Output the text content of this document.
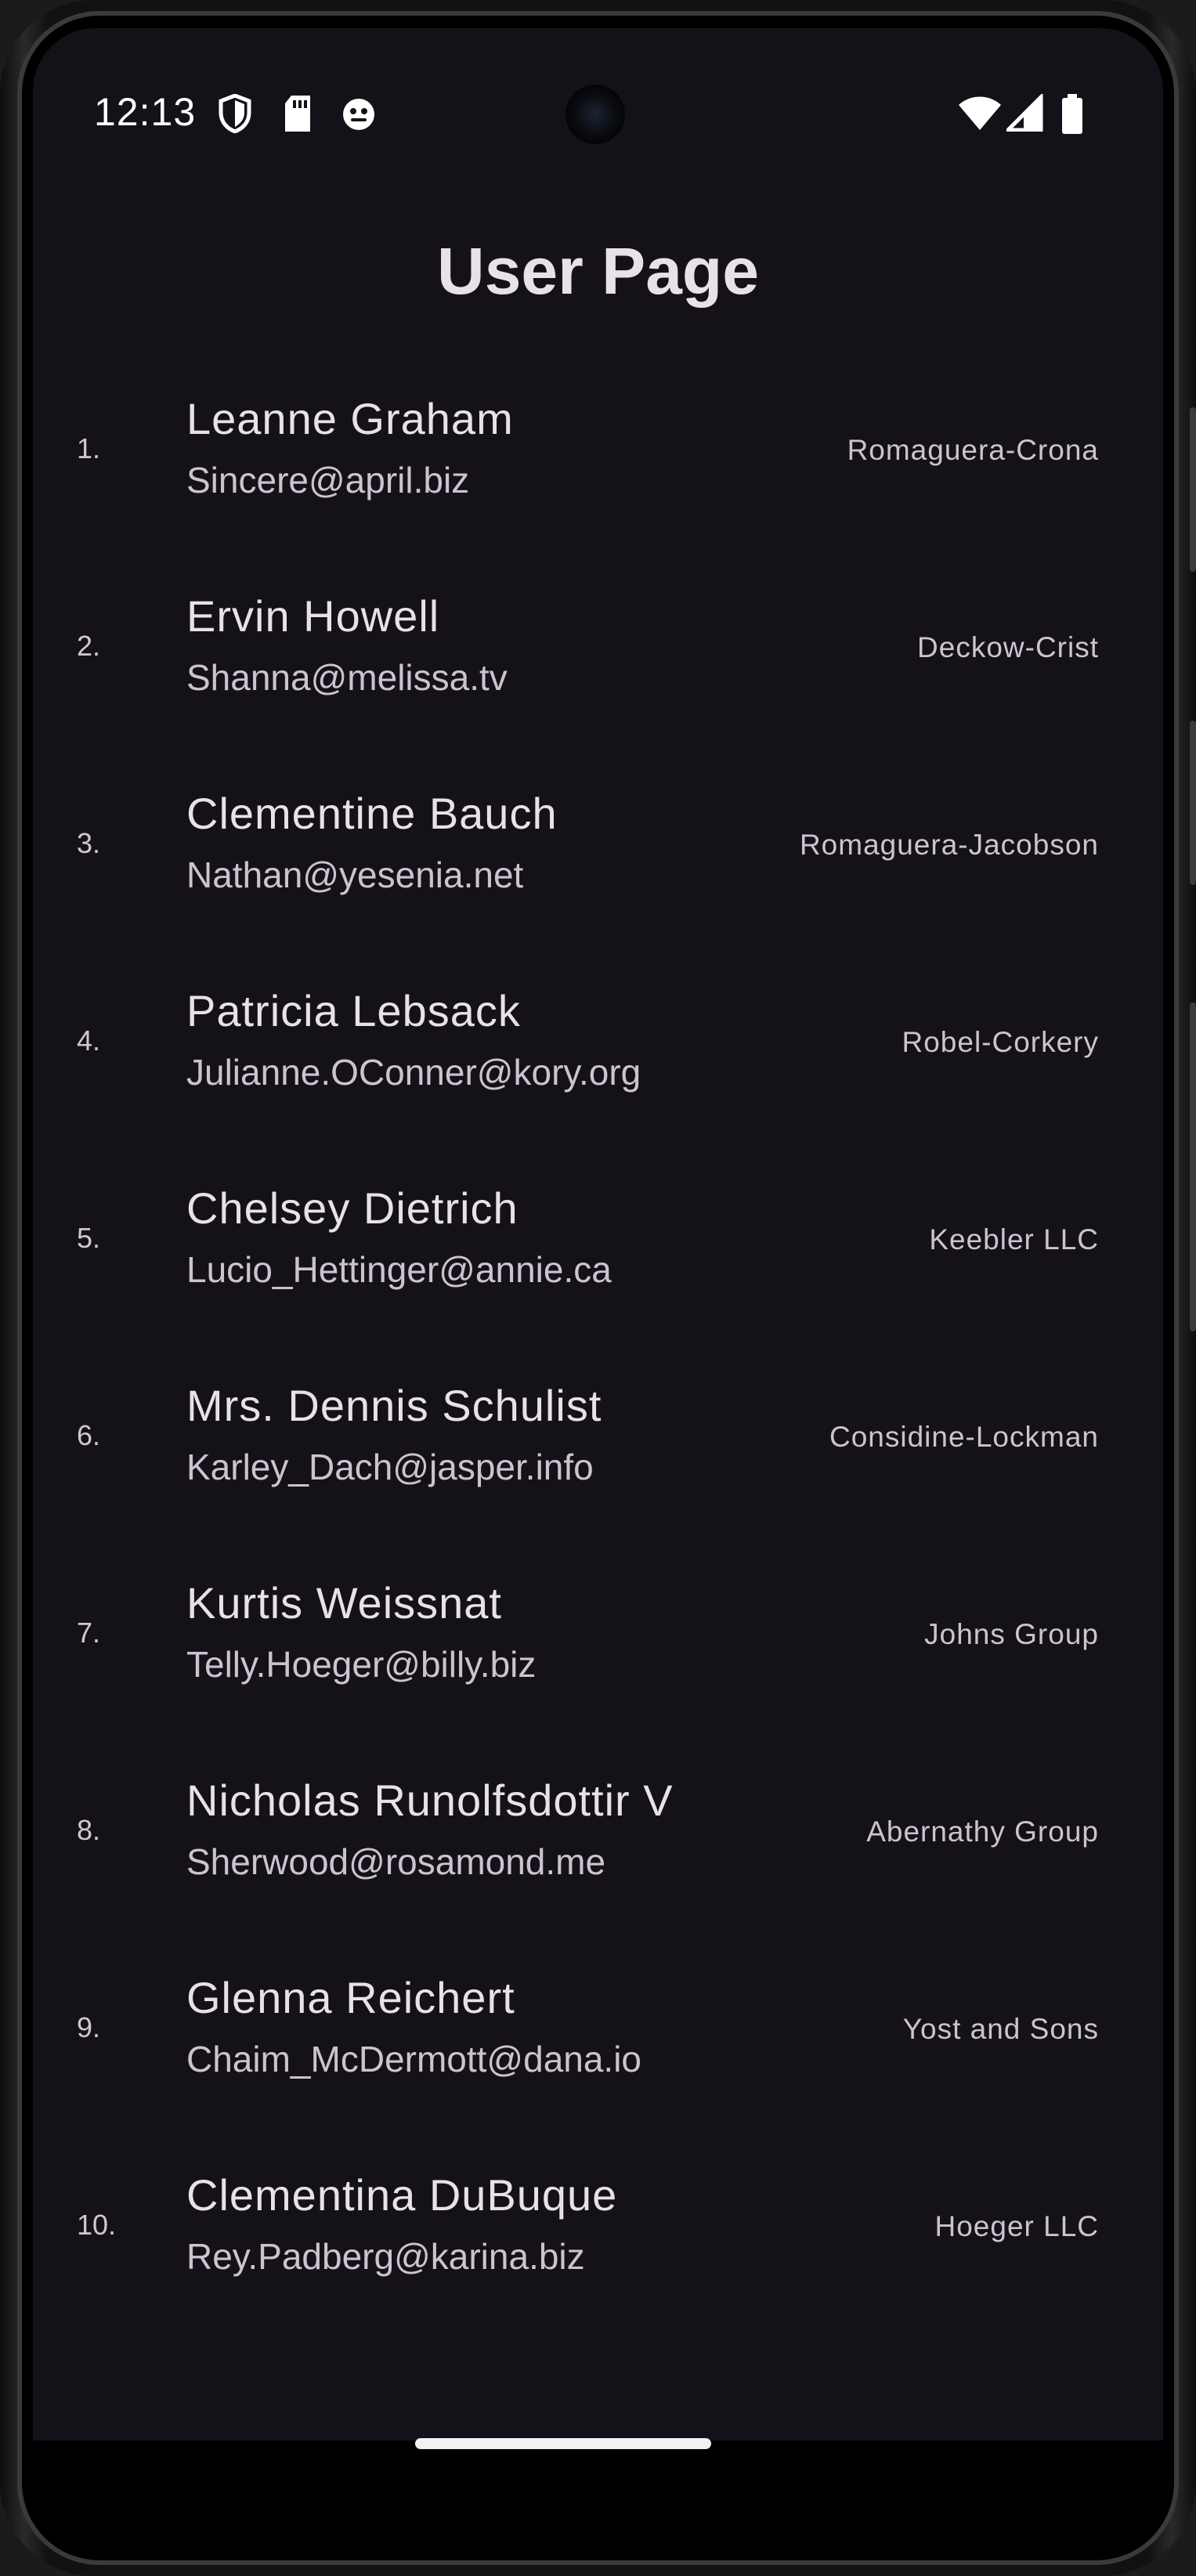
12:13
User Page
1.
Leanne Graham
Sincere@april.biz
Romaguera-Crona
2.
Ervin Howell
Shanna@melissa.tv
Deckow-Crist
3.
Clementine Bauch
Nathan@yesenia.net
Romaguera-Jacobson
4.
Patricia Lebsack
Julianne.OConner@kory.org
Robel-Corkery
5.
Chelsey Dietrich
Lucio_Hettinger@annie.ca
Keebler LLC
6.
Mrs. Dennis Schulist
Karley_Dach@jasper.info
Considine-Lockman
7.
Kurtis Weissnat
Telly.Hoeger@billy.biz
Johns Group
8.
Nicholas Runolfsdottir V
Sherwood@rosamond.me
Abernathy Group
9.
Glenna Reichert
Chaim_McDermott@dana.io
Yost and Sons
10.
Clementina DuBuque
Rey.Padberg@karina.biz
Hoeger LLC
